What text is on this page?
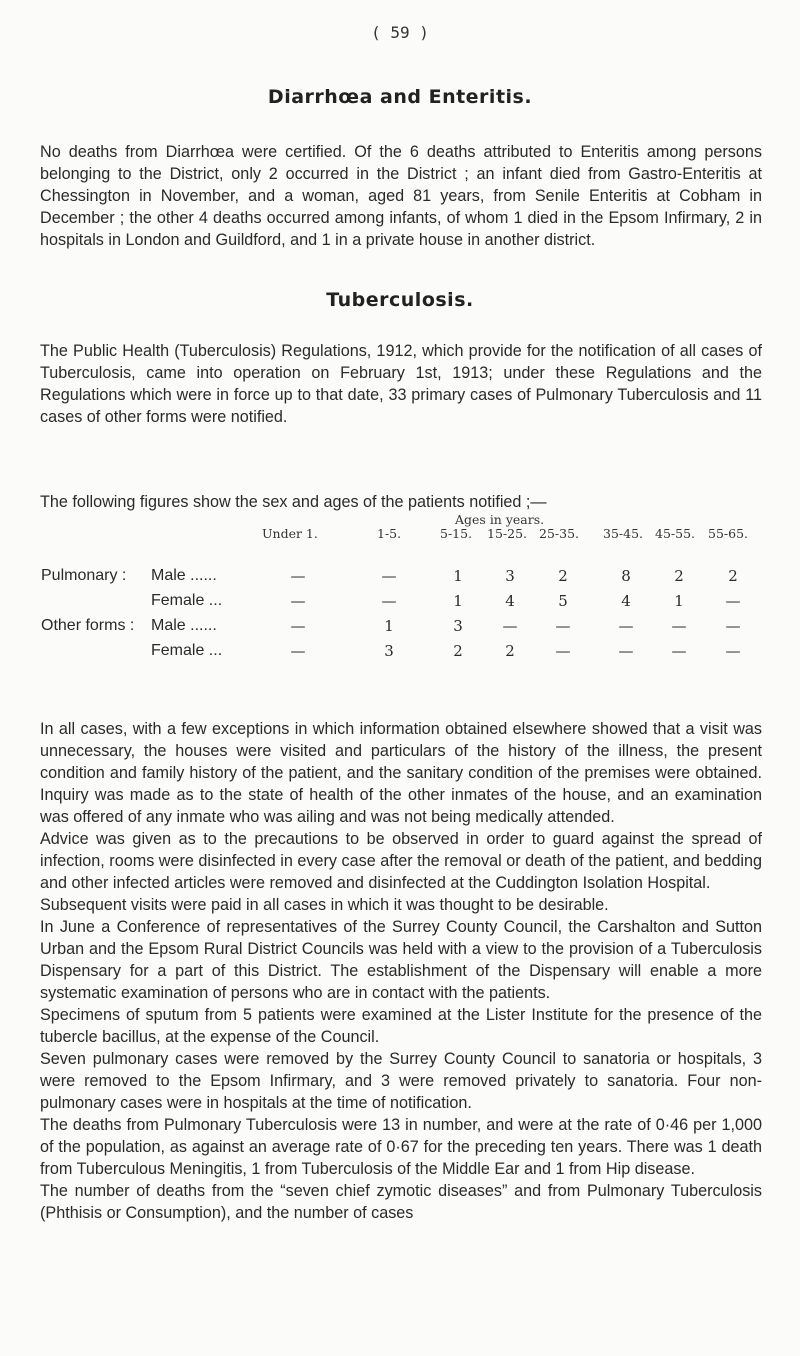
( 59 )
Diarrhœa and Enteritis.

No deaths from Diarrhœa were certified. Of the 6 deaths attributed to Enteritis among persons belonging to the District, only 2 occurred in the District ; an infant died from Gastro-Enteritis at Chessington in November, and a woman, aged 81 years, from Senile Enteritis at Cobham in December ; the other 4 deaths occurred among infants, of whom 1 died in the Epsom Infirmary, 2 in hospitals in London and Guildford, and 1 in a private house in another district.

Tuberculosis.

The Public Health (Tuberculosis) Regulations, 1912, which provide for the notification of all cases of Tuberculosis, came into operation on February 1st, 1913; under these Regulations and the Regulations which were in force up to that date, 33 primary cases of Pulmonary Tuberculosis and 11 cases of other forms were notified.

The following figures show the sex and ages of the patients notified ;—
Ages in years.
Under 1.	1-5.	5-15. 15-25. 25-35. 35-45. 45-55. 55-65.
Pulmonary : Male ......	—	—	1	3	2	8	2	2
Female ...	—	—	1	4	5	4	1	—
Other forms : Male ......	—	1	3	—	—	—	—	—
Female ...	—	3	2	2	—	—	—	—

In all cases, with a few exceptions in which information obtained elsewhere showed that a visit was unnecessary, the houses were visited and particulars of the history of the illness, the present condition and family history of the patient, and the sanitary condition of the premises were obtained. Inquiry was made as to the state of health of the other inmates of the house, and an examination was offered of any inmate who was ailing and was not being medically attended.

Advice was given as to the precautions to be observed in order to guard against the spread of infection, rooms were disinfected in every case after the removal or death of the patient, and bedding and other infected articles were removed and disinfected at the Cuddington Isolation Hospital.

Subsequent visits were paid in all cases in which it was thought to be desirable.

In June a Conference of representatives of the Surrey County Council, the Carshalton and Sutton Urban and the Epsom Rural District Councils was held with a view to the provision of a Tuberculosis Dispensary for a part of this District. The establishment of the Dispensary will enable a more systematic examination of persons who are in contact with the patients.

Specimens of sputum from 5 patients were examined at the Lister Institute for the presence of the tubercle bacillus, at the expense of the Council.

Seven pulmonary cases were removed by the Surrey County Council to sanatoria or hospitals, 3 were removed to the Epsom Infirmary, and 3 were removed privately to sanatoria. Four non-pulmonary cases were in hospitals at the time of notification.

The deaths from Pulmonary Tuberculosis were 13 in number, and were at the rate of 0·46 per 1,000 of the population, as against an average rate of 0·67 for the preceding ten years. There was 1 death from Tuberculous Meningitis, 1 from Tuberculosis of the Middle Ear and 1 from Hip disease.

The number of deaths from the “seven chief zymotic diseases” and from Pulmonary Tuberculosis (Phthisis or Consumption), and the number of cases
